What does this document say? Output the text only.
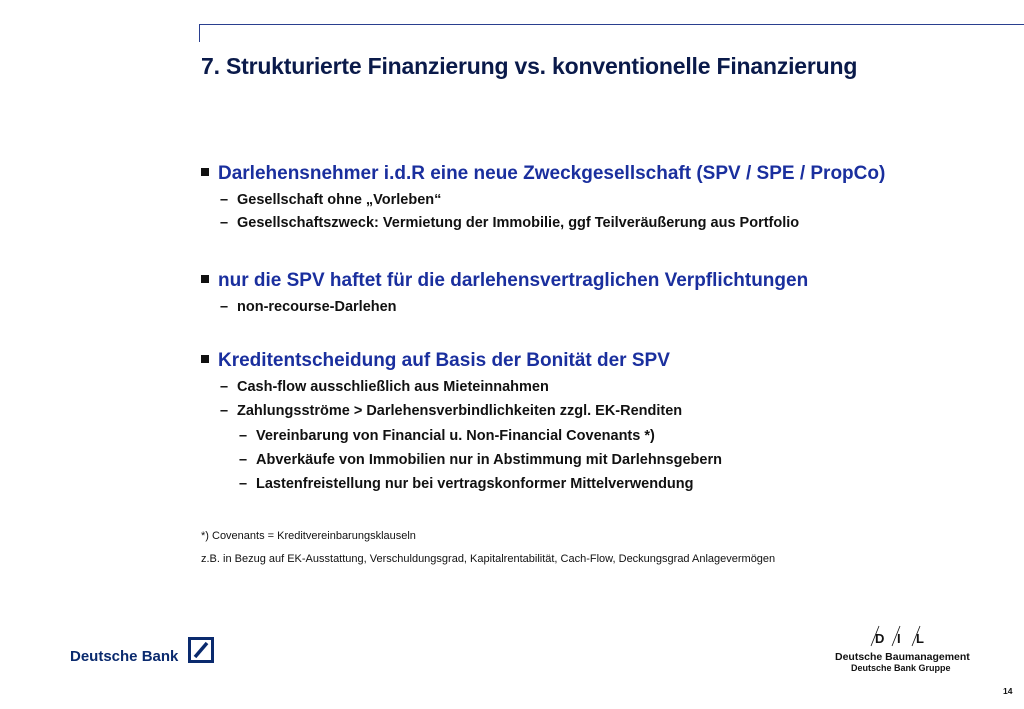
7. Strukturierte Finanzierung vs. konventionelle Finanzierung
Darlehensnehmer i.d.R eine neue Zweckgesellschaft (SPV / SPE / PropCo)
– Gesellschaft ohne „Vorleben“
– Gesellschaftszweck: Vermietung der Immobilie, ggf Teilveräußerung aus Portfolio
nur die SPV haftet für die darlehensvertraglichen Verpflichtungen
– non-recourse-Darlehen
Kreditentscheidung auf Basis der Bonität der SPV
– Cash-flow ausschließlich aus Mieteinnahmen
– Zahlungsströme > Darlehensverbindlichkeiten zzgl. EK-Renditen
– Vereinbarung von Financial u. Non-Financial Covenants *)
– Abverkäufe von Immobilien nur in Abstimmung mit Darlehnsgebern
– Lastenfreistellung nur bei vertragskonformer Mittelverwendung
*) Covenants = Kreditvereinbarungsklauseln
z.B. in Bezug auf EK-Ausstattung, Verschuldungsgrad, Kapitalrentabilität, Cach-Flow, Deckungsgrad Anlagevermögen
Deutsche Bank
D I L
Deutsche Baumanagement
Deutsche Bank Gruppe
14
